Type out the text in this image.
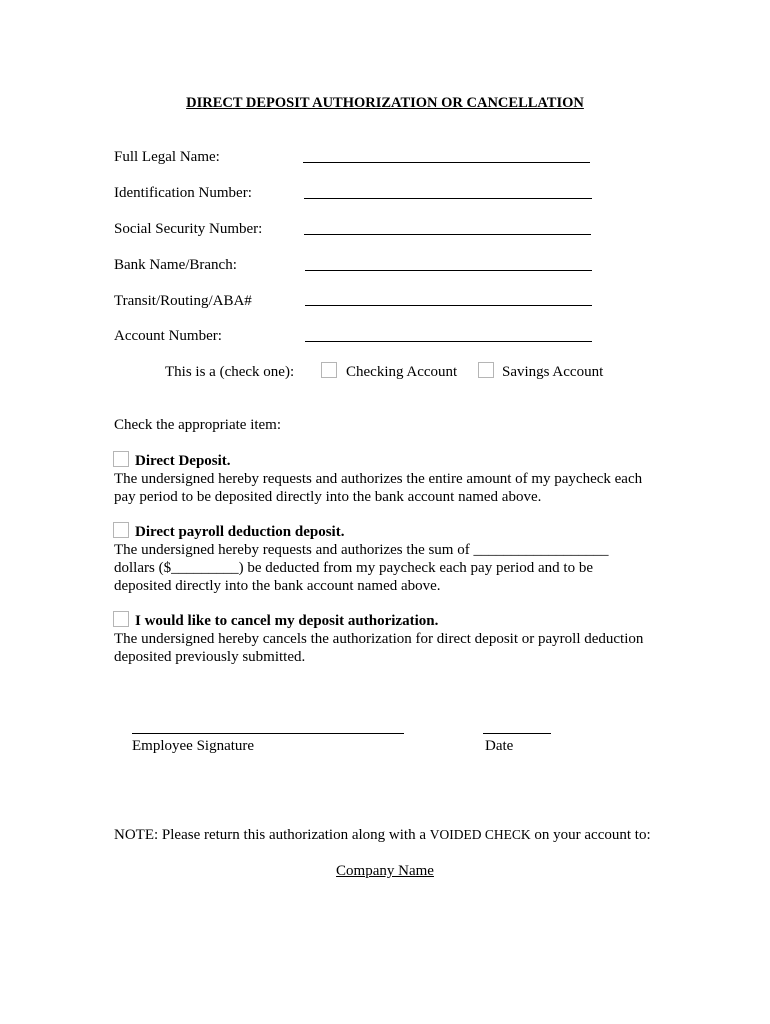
DIRECT DEPOSIT AUTHORIZATION OR CANCELLATION
Full Legal Name:
Identification Number:
Social Security Number:
Bank Name/Branch:
Transit/Routing/ABA#
Account Number:
This is a (check one):	Checking Account	Savings Account
Check the appropriate item:
Direct Deposit.
The undersigned hereby requests and authorizes the entire amount of my paycheck each
pay period to be deposited directly into the bank account named above.
Direct payroll deduction deposit.
The undersigned hereby requests and authorizes the sum of __________________
dollars ($_________) be deducted from my paycheck each pay period and to be
deposited directly into the bank account named above.
I would like to cancel my deposit authorization.
The undersigned hereby cancels the authorization for direct deposit or payroll deduction
deposited previously submitted.
Employee Signature	Date
NOTE: Please return this authorization along with a VOIDED CHECK on your account to:
Company Name
